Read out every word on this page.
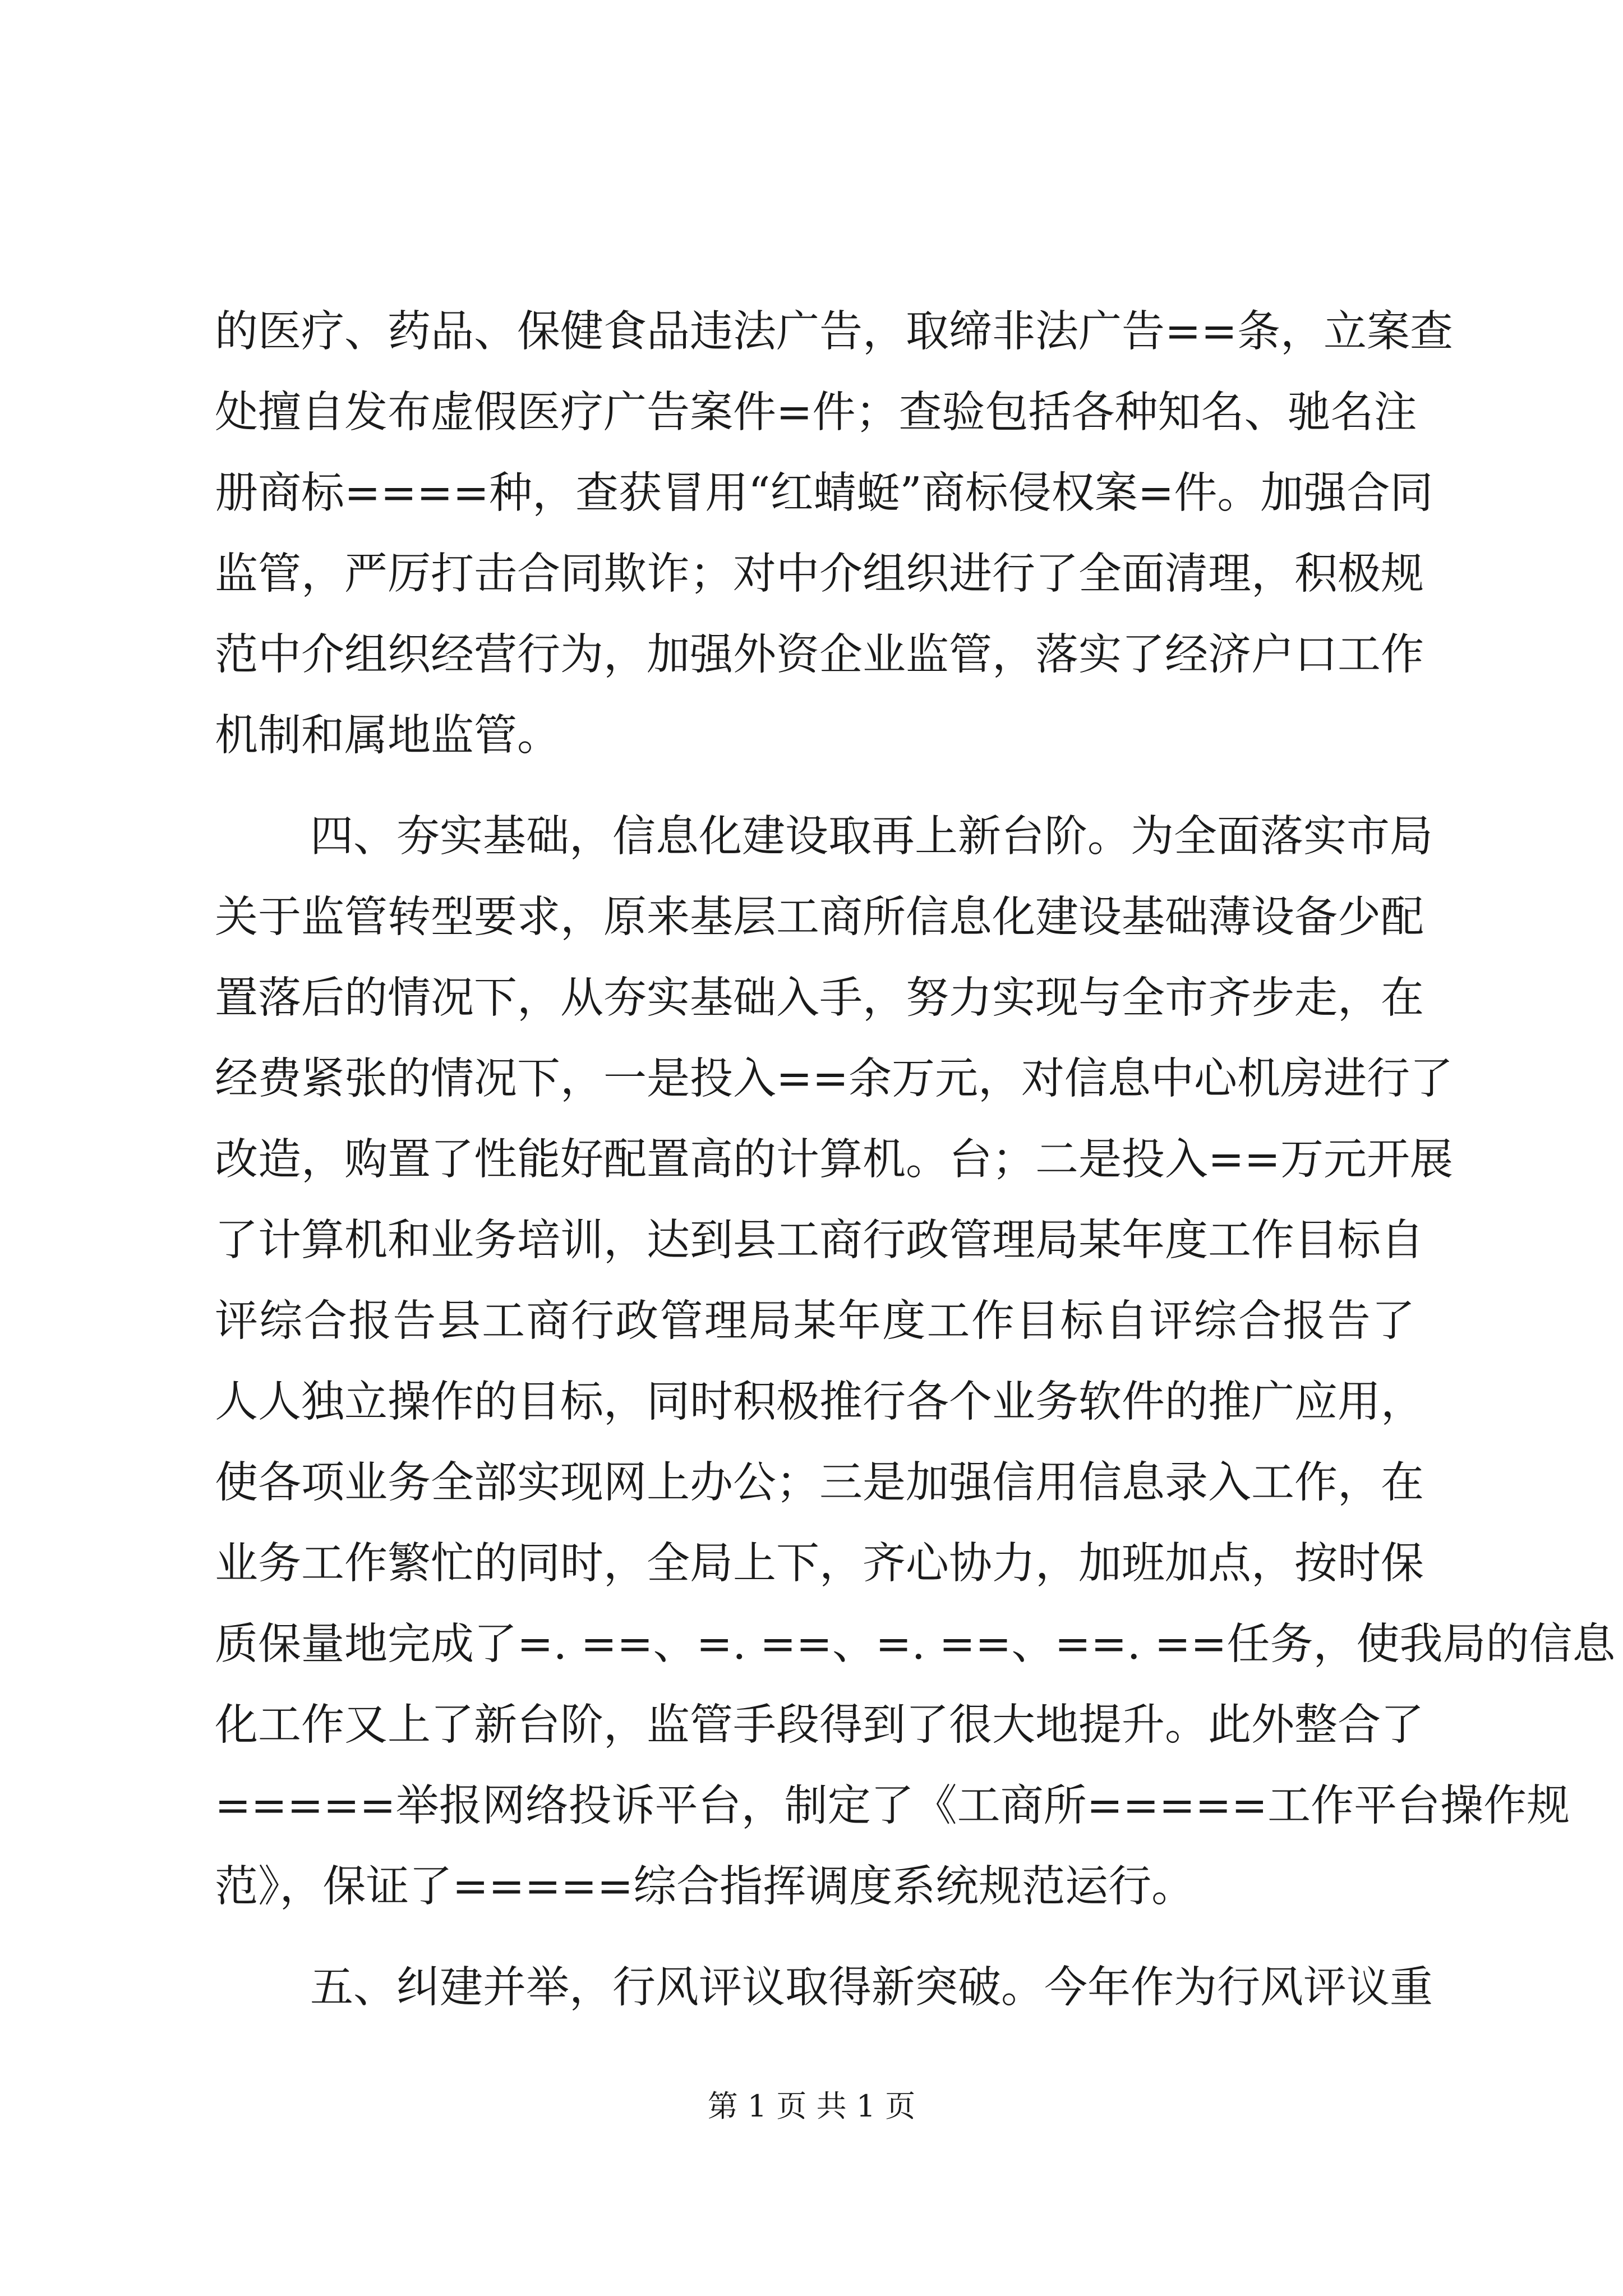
的医疗、药品、保健食品违法广告，取缔非法广告==条，立案查
处擅自发布虚假医疗广告案件=件；查验包括各种知名、驰名注
册商标====种，查获冒用“红蜻蜓”商标侵权案=件。加强合同
监管，严厉打击合同欺诈；对中介组织进行了全面清理，积极规
范中介组织经营行为，加强外资企业监管，落实了经济户口工作
机制和属地监管。
四、夯实基础，信息化建设取再上新台阶。为全面落实市局
关于监管转型要求，原来基层工商所信息化建设基础薄设备少配
置落后的情况下，从夯实基础入手，努力实现与全市齐步走，在
经费紧张的情况下，一是投入==余万元，对信息中心机房进行了
改造，购置了性能好配置高的计算机。台；二是投入==万元开展
了计算机和业务培训，达到县工商行政管理局某年度工作目标自
评综合报告县工商行政管理局某年度工作目标自评综合报告了
人人独立操作的目标，同时积极推行各个业务软件的推广应用，
使各项业务全部实现网上办公；三是加强信用信息录入工作，在
业务工作繁忙的同时，全局上下，齐心协力，加班加点，按时保
质保量地完成了=. ==、=. ==、=. ==、==. ==任务，使我局的信息
化工作又上了新台阶，监管手段得到了很大地提升。此外整合了
=====举报网络投诉平台，制定了《工商所=====工作平台操作规
范》，保证了=====综合指挥调度系统规范运行。
五、纠建并举，行风评议取得新突破。今年作为行风评议重
第 1 页 共 1 页
